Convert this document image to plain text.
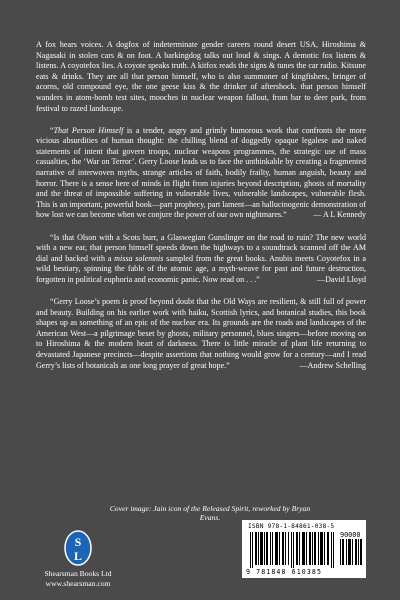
A fox hears voices. A dogfox of indeterminate gender careers round desert USA, Hiroshima & Nagasaki in stolen cars & on foot. A barkingdog talks out loud & sings. A demotic fox listens & listens. A coyotefox lies. A coyote speaks truth. A kitfox reads the signs & tunes the car radio. Kitsune eats & drinks. They are all that person himself, who is also summoner of kingfishers, bringer of acorns, old compound eye, the one geese kiss & the drinker of aftershock. that person himself wanders in atom-bomb test sites, mooches in nuclear weapon fallout, from bar to deer park, from festival to razed landscape.

“That Person Himself is a tender, angry and grimly humorous work that confronts the more vicious absurdities of human thought: the chilling blend of doggedly opaque legalese and naked statements of intent that govern troops, nuclear weapons programmes, the strategic use of mass casualties, the ‘War on Terror’. Gerry Loose leads us to face the unthinkable by creating a fragmented narrative of interwoven myths, strange articles of faith, bodily frailty, human anguish, beauty and horror. There is a sense here of minds in flight from injuries beyond description, ghosts of mortality and the threat of impossible suffering in vulnerable lives, vulnerable landscapes, vulnerable flesh. This is an important, powerful book—part prophecy, part lament—an hallucinogenic demonstration of how lost we can become when we conjure the power of our own nightmares.”	— A L Kennedy

“Is that Olson with a Scots burr, a Glaswegian Gunslinger on the road to ruin? The new world with a new ear, that person himself speeds down the highways to a soundtrack scanned off the AM dial and backed with a missa solemnis sampled from the great books. Anubis meets Coyotefox in a wild bestiary, spinning the fable of the atomic age, a myth-weave for past and future destruction, forgotten in political euphoria and economic panic. Now read on . . .”	—David Lloyd

“Gerry Loose’s poem is proof beyond doubt that the Old Ways are resilient, & still full of power and beauty. Building on his earlier work with haiku, Scottish lyrics, and botanical studies, this book shapes up as something of an epic of the nuclear era. Its grounds are the roads and landscapes of the American West—a pilgrimage beset by ghosts, military personnel, blues singers—before moving on to Hiroshima & the modern heart of darkness. There is little miracle of plant life returning to devastated Japanese precincts—despite assertions that nothing would grow for a century—and I read Gerry’s lists of botanicals as one long prayer of great hope.”	—Andrew Schelling

Cover image: Jain icon of the Released Spirit, reworked by Bryan Evans.
S
L
Shearsman Books Ltd
www.shearsman.com
ISBN 978-1-84861-038-5
90000
9 781848 610385
